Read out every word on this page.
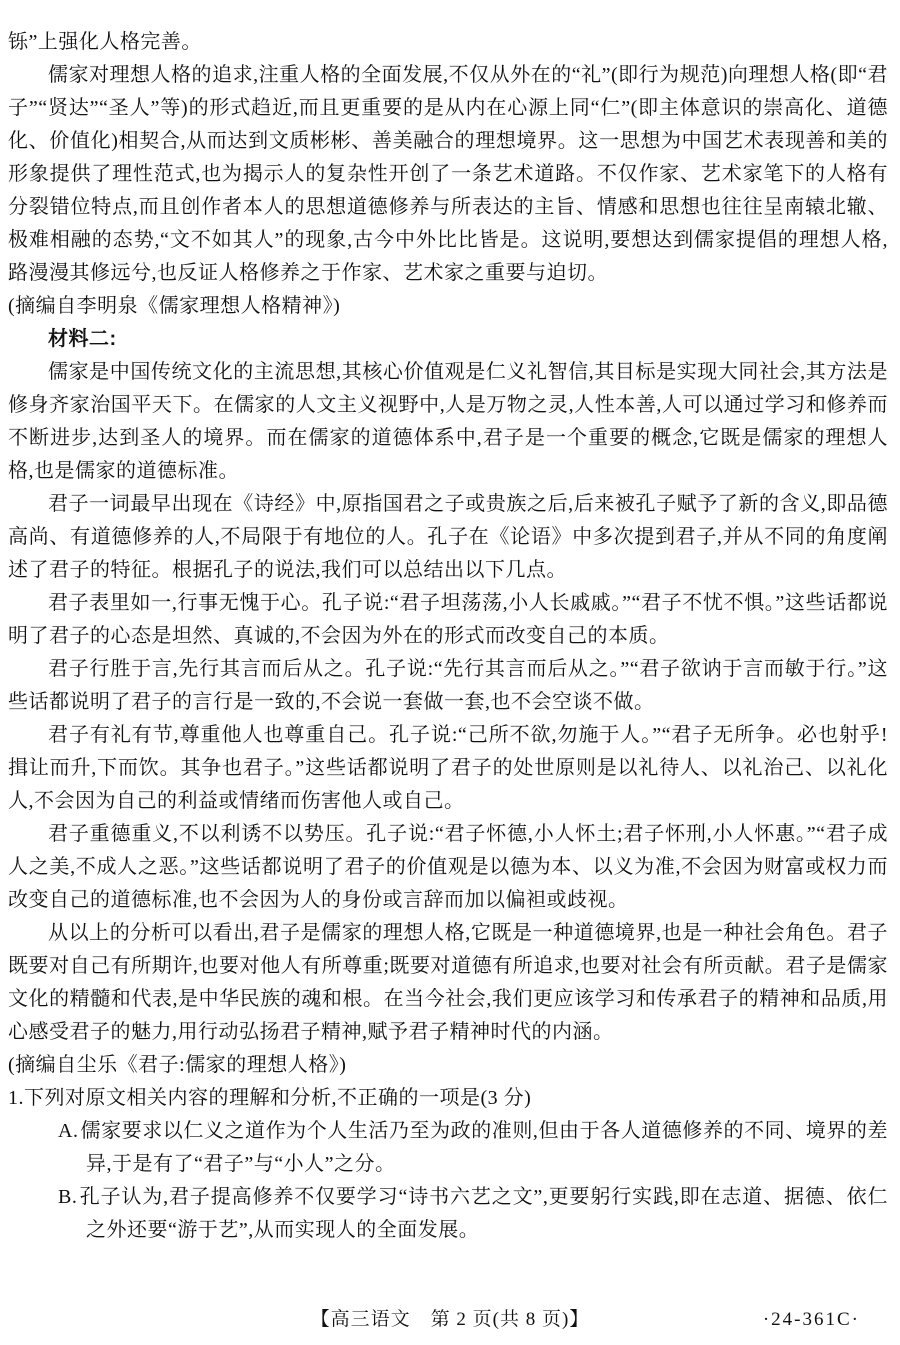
铄”上强化人格完善。

儒家对理想人格的追求,注重人格的全面发展,不仅从外在的“礼”(即行为规范)向理想人格(即“君子”“贤达”“圣人”等)的形式趋近,而且更重要的是从内在心源上同“仁”(即主体意识的崇高化、道德化、价值化)相契合,从而达到文质彬彬、善美融合的理想境界。这一思想为中国艺术表现善和美的形象提供了理性范式,也为揭示人的复杂性开创了一条艺术道路。不仅作家、艺术家笔下的人格有分裂错位特点,而且创作者本人的思想道德修养与所表达的主旨、情感和思想也往往呈南辕北辙、极难相融的态势,“文不如其人”的现象,古今中外比比皆是。这说明,要想达到儒家提倡的理想人格,路漫漫其修远兮,也反证人格修养之于作家、艺术家之重要与迫切。

(摘编自李明泉《儒家理想人格精神》)

材料二:

儒家是中国传统文化的主流思想,其核心价值观是仁义礼智信,其目标是实现大同社会,其方法是修身齐家治国平天下。在儒家的人文主义视野中,人是万物之灵,人性本善,人可以通过学习和修养而不断进步,达到圣人的境界。而在儒家的道德体系中,君子是一个重要的概念,它既是儒家的理想人格,也是儒家的道德标准。

君子一词最早出现在《诗经》中,原指国君之子或贵族之后,后来被孔子赋予了新的含义,即品德高尚、有道德修养的人,不局限于有地位的人。孔子在《论语》中多次提到君子,并从不同的角度阐述了君子的特征。根据孔子的说法,我们可以总结出以下几点。

君子表里如一,行事无愧于心。孔子说:“君子坦荡荡,小人长戚戚。”“君子不忧不惧。”这些话都说明了君子的心态是坦然、真诚的,不会因为外在的形式而改变自己的本质。

君子行胜于言,先行其言而后从之。孔子说:“先行其言而后从之。”“君子欲讷于言而敏于行。”这些话都说明了君子的言行是一致的,不会说一套做一套,也不会空谈不做。

君子有礼有节,尊重他人也尊重自己。孔子说:“己所不欲,勿施于人。”“君子无所争。必也射乎! 揖让而升,下而饮。其争也君子。”这些话都说明了君子的处世原则是以礼待人、以礼治己、以礼化人,不会因为自己的利益或情绪而伤害他人或自己。

君子重德重义,不以利诱不以势压。孔子说:“君子怀德,小人怀土;君子怀刑,小人怀惠。”“君子成人之美,不成人之恶。”这些话都说明了君子的价值观是以德为本、以义为准,不会因为财富或权力而改变自己的道德标准,也不会因为人的身份或言辞而加以偏袒或歧视。

从以上的分析可以看出,君子是儒家的理想人格,它既是一种道德境界,也是一种社会角色。君子既要对自己有所期许,也要对他人有所尊重;既要对道德有所追求,也要对社会有所贡献。君子是儒家文化的精髓和代表,是中华民族的魂和根。在当今社会,我们更应该学习和传承君子的精神和品质,用心感受君子的魅力,用行动弘扬君子精神,赋予君子精神时代的内涵。

(摘编自尘乐《君子:儒家的理想人格》)

1.下列对原文相关内容的理解和分析,不正确的一项是(3 分)

A. 儒家要求以仁义之道作为个人生活乃至为政的准则,但由于各人道德修养的不同、境界的差异,于是有了“君子”与“小人”之分。

B. 孔子认为,君子提高修养不仅要学习“诗书六艺之文”,更要躬行实践,即在志道、据德、依仁之外还要“游于艺”,从而实现人的全面发展。

【高三语文　第 2 页(共 8 页)】	·24-361C·
